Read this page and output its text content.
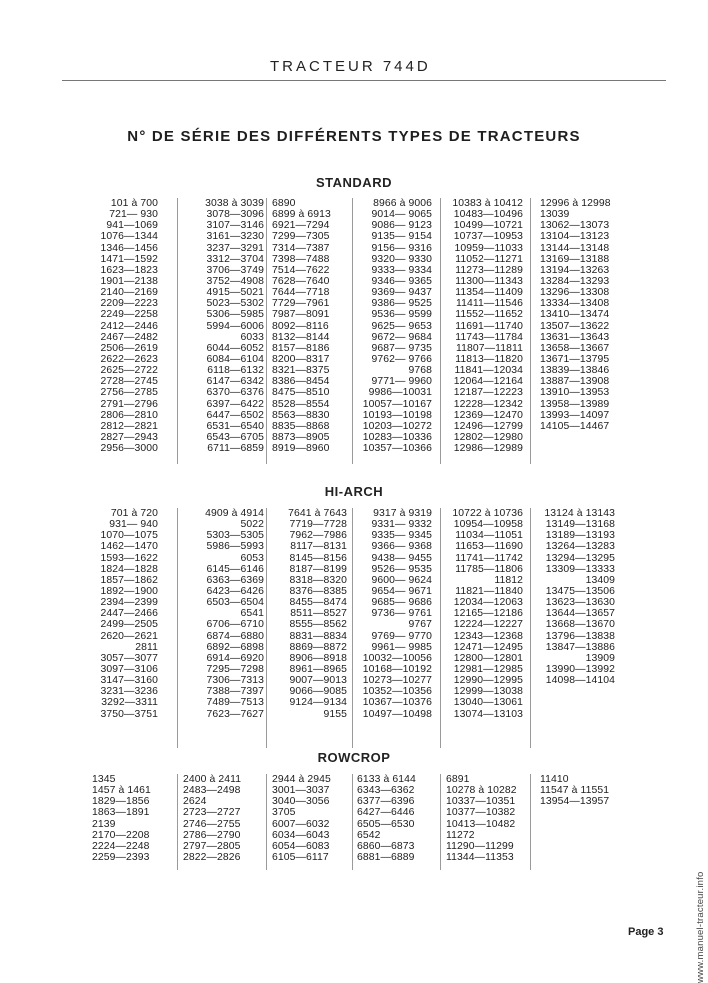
TRACTEUR 744D
N° DE SÉRIE DES DIFFÉRENTS TYPES DE TRACTEURS
STANDARD
101 à 700
721— 930
941—1069
1076—1344
1346—1456
1471—1592
1623—1823
1901—2138
2140—2169
2209—2223
2249—2258
2412—2446
2467—2482
2506—2619
2622—2623
2625—2722
2728—2745
2756—2785
2791—2796
2806—2810
2812—2821
2827—2943
2956—3000
3038 à 3039
3078—3096
3107—3146
3161—3230
3237—3291
3312—3704
3706—3749
3752—4908
4915—5021
5023—5302
5306—5985
5994—6006
6033
6044—6052
6084—6104
6118—6132
6147—6342
6370—6376
6397—6422
6447—6502
6531—6540
6543—6705
6711—6859
6890
6899 à 6913
6921—7294
7299—7305
7314—7387
7398—7488
7514—7622
7628—7640
7644—7718
7729—7961
7987—8091
8092—8116
8132—8144
8157—8186
8200—8317
8321—8375
8386—8454
8475—8510
8528—8554
8563—8830
8835—8868
8873—8905
8919—8960
8966 à 9006
9014— 9065
9086— 9123
9135— 9154
9156— 9316
9320— 9330
9333— 9334
9346— 9365
9369— 9437
9386— 9525
9536— 9599
9625— 9653
9672— 9684
9687— 9735
9762— 9766
9768
9771— 9960
9986—10031
10057—10167
10193—10198
10203—10272
10283—10336
10357—10366
10383 à 10412
10483—10496
10499—10721
10737—10953
10959—11033
11052—11271
11273—11289
11300—11343
11354—11409
11411—11546
11552—11652
11691—11740
11743—11784
11807—11811
11813—11820
11841—12034
12064—12164
12187—12223
12228—12342
12369—12470
12496—12799
12802—12980
12986—12989
12996 à 12998
13039
13062—13073
13104—13123
13144—13148
13169—13188
13194—13263
13284—13293
13296—13308
13334—13408
13410—13474
13507—13622
13631—13643
13658—13667
13671—13795
13839—13846
13887—13908
13910—13953
13958—13989
13993—14097
14105—14467
HI-ARCH
701 à 720
931— 940
1070—1075
1462—1470
1593—1622
1824—1828
1857—1862
1892—1900
2394—2399
2447—2466
2499—2505
2620—2621
2811
3057—3077
3097—3106
3147—3160
3231—3236
3292—3311
3750—3751
4909 à 4914
5022
5303—5305
5986—5993
6053
6145—6146
6363—6369
6423—6426
6503—6504
6541
6706—6710
6874—6880
6892—6898
6914—6920
7295—7298
7306—7313
7388—7397
7489—7513
7623—7627
7641 à 7643
7719—7728
7962—7986
8117—8131
8145—8156
8187—8199
8318—8320
8376—8385
8455—8474
8511—8527
8555—8562
8831—8834
8869—8872
8906—8918
8961—8965
9007—9013
9066—9085
9124—9134
9155
9317 à 9319
9331— 9332
9335— 9345
9366— 9368
9438— 9455
9526— 9535
9600— 9624
9654— 9671
9685— 9686
9736— 9761
9767
9769— 9770
9961— 9985
10032—10056
10168—10192
10273—10277
10352—10356
10367—10376
10497—10498
10722 à 10736
10954—10958
11034—11051
11653—11690
11741—11742
11785—11806
11812
11821—11840
12034—12063
12165—12186
12224—12227
12343—12368
12471—12495
12800—12801
12981—12985
12990—12995
12999—13038
13040—13061
13074—13103
13124 à 13143
13149—13168
13189—13193
13264—13283
13294—13295
13309—13333
13409
13475—13506
13623—13630
13644—13657
13668—13670
13796—13838
13847—13886
13909
13990—13992
14098—14104
ROWCROP
1345
1457 à 1461
1829—1856
1863—1891
2139
2170—2208
2224—2248
2259—2393
2400 à 2411
2483—2498
2624
2723—2727
2746—2755
2786—2790
2797—2805
2822—2826
2944 à 2945
3001—3037
3040—3056
3705
6007—6032
6034—6043
6054—6083
6105—6117
6133 à 6144
6343—6362
6377—6396
6427—6446
6505—6530
6542
6860—6873
6881—6889
6891
10278 à 10282
10337—10351
10377—10382
10413—10482
11272
11290—11299
11344—11353
11410
11547 à 11551
13954—13957
Page 3	www.manuel-tracteur.info
